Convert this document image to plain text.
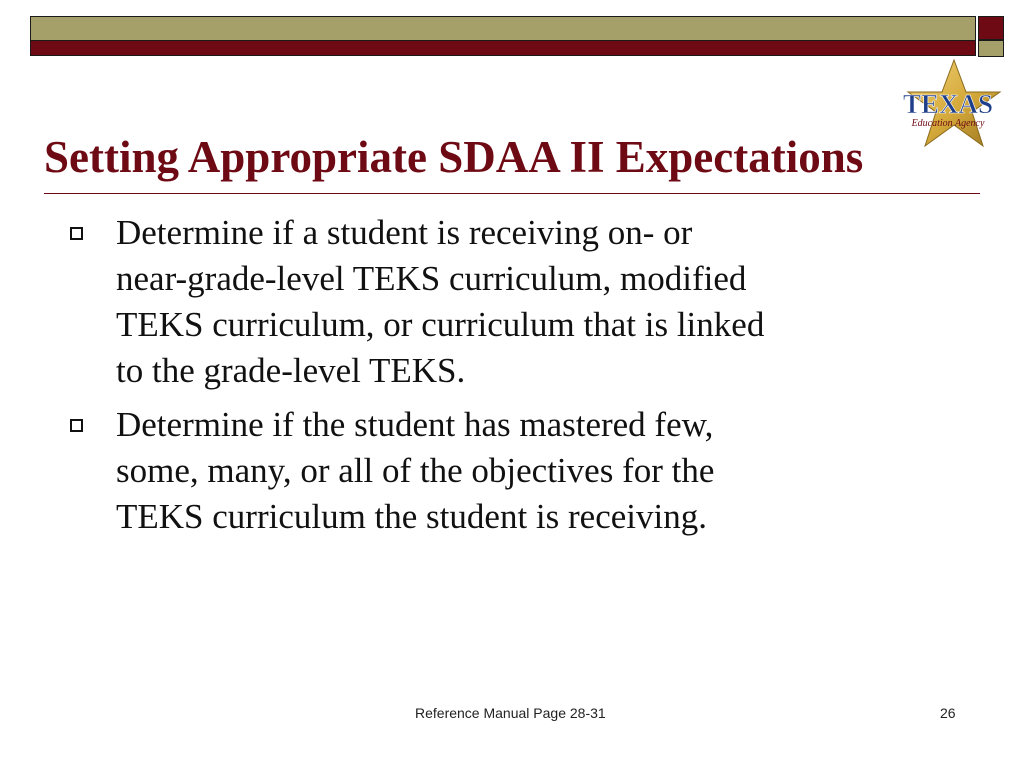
TEXAS
Education Agency
Setting Appropriate SDAA II Expectations
Determine if a student is receiving on- or
near-grade-level TEKS curriculum, modified
TEKS curriculum, or curriculum that is linked
to the grade-level TEKS.
Determine if the student has mastered few,
some, many, or all of the objectives for the
TEKS curriculum the student is receiving.
Reference Manual Page 28-31	26
